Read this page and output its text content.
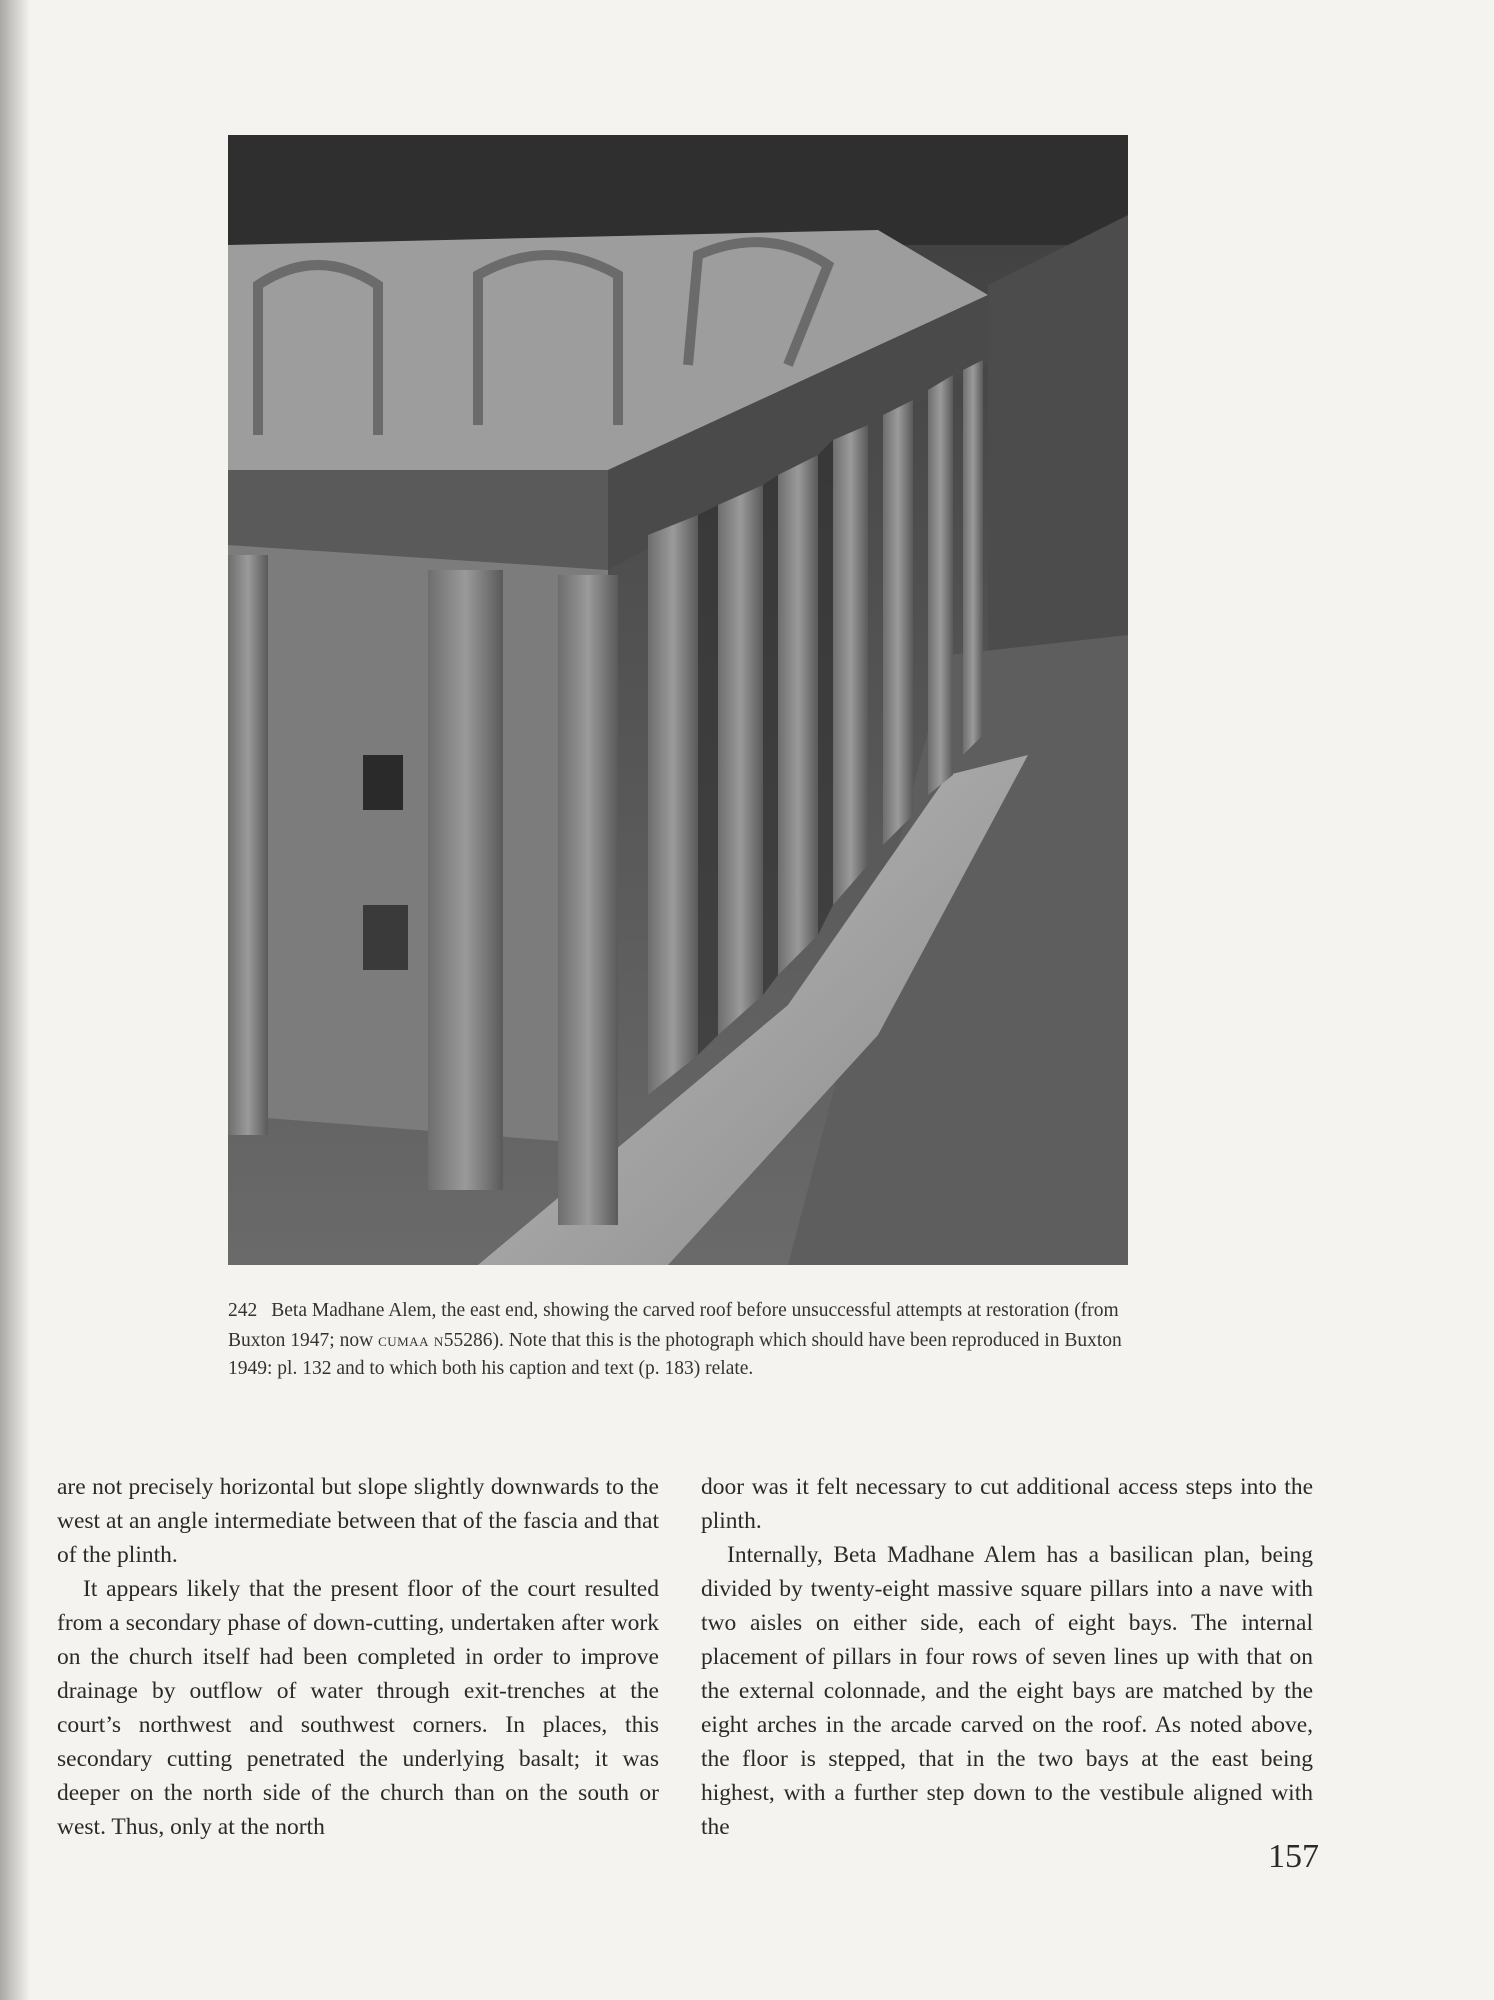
242 Beta Madhane Alem, the east end, showing the carved roof before unsuccessful attempts at restoration (from Buxton 1947; now cumaa n55286). Note that this is the photograph which should have been reproduced in Buxton 1949: pl. 132 and to which both his caption and text (p. 183) relate.

are not precisely horizontal but slope slightly downwards to the west at an angle intermediate between that of the fascia and that of the plinth.

It appears likely that the present floor of the court resulted from a secondary phase of down-cutting, undertaken after work on the church itself had been completed in order to improve drainage by outflow of water through exit-trenches at the court’s northwest and southwest corners. In places, this secondary cutting penetrated the underlying basalt; it was deeper on the north side of the church than on the south or west. Thus, only at the north

door was it felt necessary to cut additional access steps into the plinth.

Internally, Beta Madhane Alem has a basilican plan, being divided by twenty-eight massive square pillars into a nave with two aisles on either side, each of eight bays. The internal placement of pillars in four rows of seven lines up with that on the external colonnade, and the eight bays are matched by the eight arches in the arcade carved on the roof. As noted above, the floor is stepped, that in the two bays at the east being highest, with a further step down to the vestibule aligned with the

157
